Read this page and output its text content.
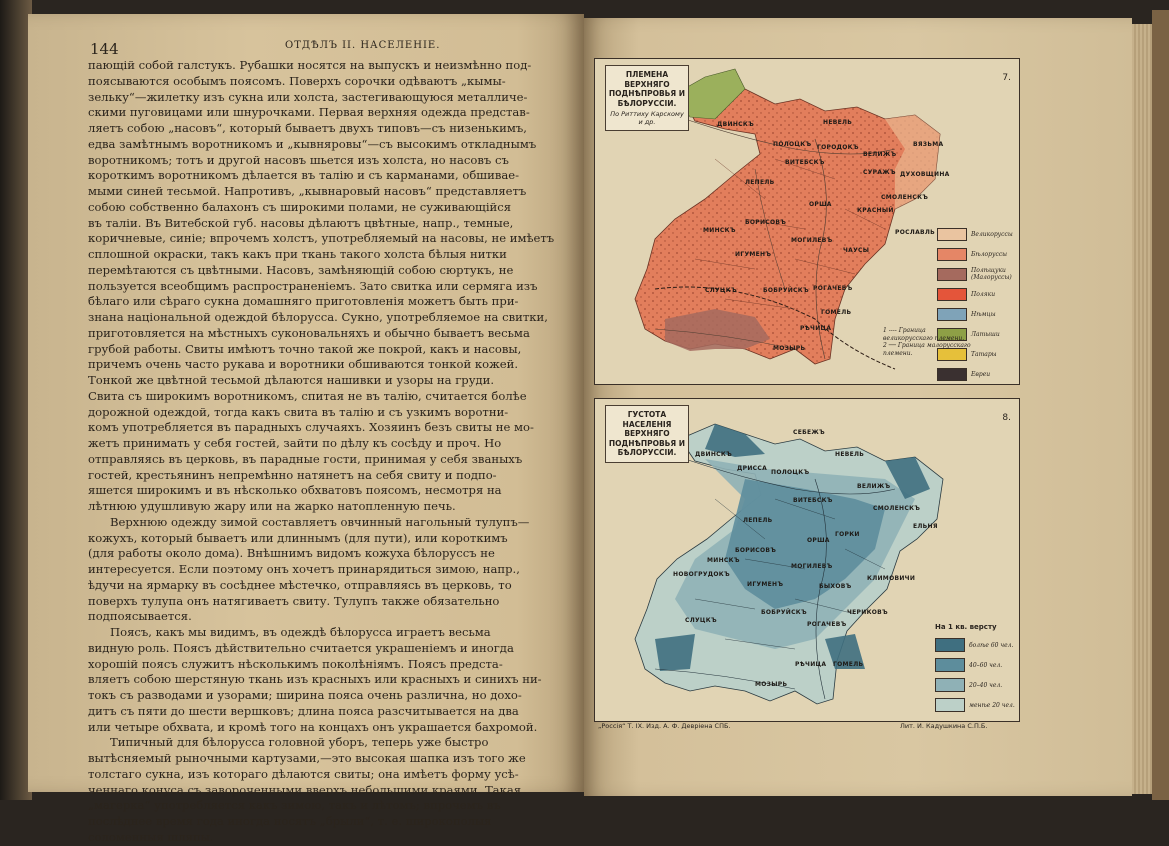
144	ОТДѢЛЪ II. НАСЕЛЕНІЕ.

пающій собой галстукъ. Рубашки носятся на выпускъ и неизмѣнно под-

поясываются особымъ поясомъ. Поверхъ сорочки одѣваютъ „кымы-

зельку“—жилетку изъ сукна или холста, застегивающуюся металличе-

скими пуговицами или шнурочками. Первая верхняя одежда представ-

ляетъ собою „насовъ“, который бываетъ двухъ типовъ—съ низенькимъ,

едва замѣтнымъ воротникомъ и „кывняровы“—съ высокимъ откладнымъ

воротникомъ; тотъ и другой насовъ шьется изъ холста, но насовъ съ

короткимъ воротникомъ дѣлается въ талію и съ карманами, обшивае-

мыми синей тесьмой. Напротивъ, „кывнаровый насовъ“ представляетъ

собою собственно балахонъ съ широкими полами, не суживающійся

въ таліи. Въ Витебской губ. насовы дѣлаютъ цвѣтные, напр., темные,

коричневые, синіе; впрочемъ холстъ, употребляемый на насовы, не имѣетъ

сплошной окраски, такъ какъ при ткань такого холста бѣлыя нитки

перемѣтаются съ цвѣтными. Насовъ, замѣняющій собою сюртукъ, не

пользуется всеобщимъ распространеніемъ. Зато свитка или сермяга изъ

бѣлаго или сѣраго сукна домашняго приготовленія можетъ быть при-

знана національной одеждой бѣлорусса. Сукно, употребляемое на свитки,

приготовляется на мѣстныхъ суконовальняхъ и обычно бываетъ весьма

грубой работы. Свиты имѣютъ точно такой же покрой, какъ и насовы,

причемъ очень часто рукава и воротники обшиваются тонкой кожей.

Тонкой же цвѣтной тесьмой дѣлаются нашивки и узоры на груди.

Свита съ широкимъ воротникомъ, спитая не въ талію, считается болѣе

дорожной одеждой, тогда какъ свита въ талію и съ узкимъ воротни-

комъ употребляется въ парадныхъ случаяхъ. Хозяинъ безъ свиты не мо-

жетъ принимать у себя гостей, зайти по дѣлу къ сосѣду и проч. Но

отправляясь въ церковь, въ парадные гости, принимая у себя званыхъ

гостей, крестьянинъ непремѣнно натянетъ на себя свиту и подпо-

яшется широкимъ и въ нѣсколько обхватовъ поясомъ, несмотря на

лѣтнюю удушливую жару или на жарко натопленную печь.

Верхнюю одежду зимой составляетъ овчинный нагольный тулупъ—

кожухъ, который бываетъ или длиннымъ (для пути), или короткимъ

(для работы около дома). Внѣшнимъ видомъ кожуха бѣлоруссъ не

интересуется. Если поэтому онъ хочетъ принарядиться зимою, напр.,

ѣдучи на ярмарку въ сосѣднее мѣстечко, отправляясь въ церковь, то

поверхъ тулупа онъ натягиваетъ свиту. Тулупъ также обязательно

подпоясывается.

Поясъ, какъ мы видимъ, въ одеждѣ бѣлорусса играетъ весьма

видную роль. Поясъ дѣйствительно считается украшеніемъ и иногда

хорошій поясъ служитъ нѣсколькимъ поколѣніямъ. Поясъ предста-

вляетъ собою шерстяную ткань изъ красныхъ или красныхъ и синихъ ни-

токъ съ разводами и узорами; ширина пояса очень различна, но дохо-

дитъ съ пяти до шести вершковъ; длина пояса разсчитывается на два

или четыре обхвата, и кромѣ того на концахъ онъ украшается бахромой.

Типичный для бѣлорусса головной уборъ, теперь уже быстро

вытѣсняемый рыночными картузами,—это высокая шапка изъ того же

толстаго сукна, изъ котораго дѣлаются свиты; она имѣетъ форму усѣ-

ченнаго конуса съ завороченными вверхъ небольшими краями. Такая

„магерка“ употребляется какъ зимою, такъ и лѣтомъ; впрочемъ въ

послѣднее время года иногда носятъ „брыли“, т. е. широкополыя

соломенныя шляпы.

ПЛЕМЕНА ВЕРХНЯГО ПОДНѢПРОВЬЯ И БѢЛОРУССІИ.
По Риттиху Карскому и др.
7.
ДВИНСКЪ
ВИТЕБСКЪ
ПОЛОЦКЪ ГОРОДОКЪ
НЕВЕЛЬ
ВЕЛИЖЪ
СУРАЖЪ ДУХОВЩИНА
СМОЛЕНСКЪ
ЛЕПЕЛЬ
ОРША
МОГИЛЕВЪ
БОРИСОВЪ
МИНСКЪ
ИГУМЕНЪ
ЧАУСЫ
РОГАЧЕВЪ
БОБРУЙСКЪ
СЛУЦКЪ
МОЗЫРЬ
РѢЧИЦА
ГОМЕЛЬ
РОСЛАВЛЬ
КРАСНЫЙ
ВЯЗЬМА
Великоруссы
Бѣлоруссы
Полѣщуки (Малоруссы)
Поляки
Нѣмцы
Латыши
Татары
Евреи
1 ---- Граница великорусскаго племени.
2 ── Граница малорусскаго племени.
ГУСТОТА НАСЕЛЕНІЯ ВЕРХНЯГО ПОДНѢПРОВЬЯ И БѢЛОРУССІИ.
8.
ДВИНСКЪ
СЕБЕЖЪ
НЕВЕЛЬ
ВЕЛИЖЪ
ДРИССА
ПОЛОЦКЪ
ВИТЕБСКЪ
СМОЛЕНСКЪ
ЛЕПЕЛЬ
БОРИСОВЪ
ОРША
ГОРКИ
МОГИЛЕВЪ
МИНСКЪ
ИГУМЕНЪ	БЫХОВЪ
КЛИМОВИЧИ
СЛУЦКЪ
БОБРУЙСКЪ
РОГАЧЕВЪ
ГОМЕЛЬ
РѢЧИЦА
МОЗЫРЬ
НОВОГРУДОКЪ
ЧЕРИКОВЪ
ЕЛЬНЯ
На 1 кв. версту
болѣе 60 чел.
40–60 чел.
20–40 чел.
менѣе 20 чел.
„Россія“ Т. IX. Изд. А. Ф. Девріена СПБ.	Лит. И. Кадушкина С.П.Б.
